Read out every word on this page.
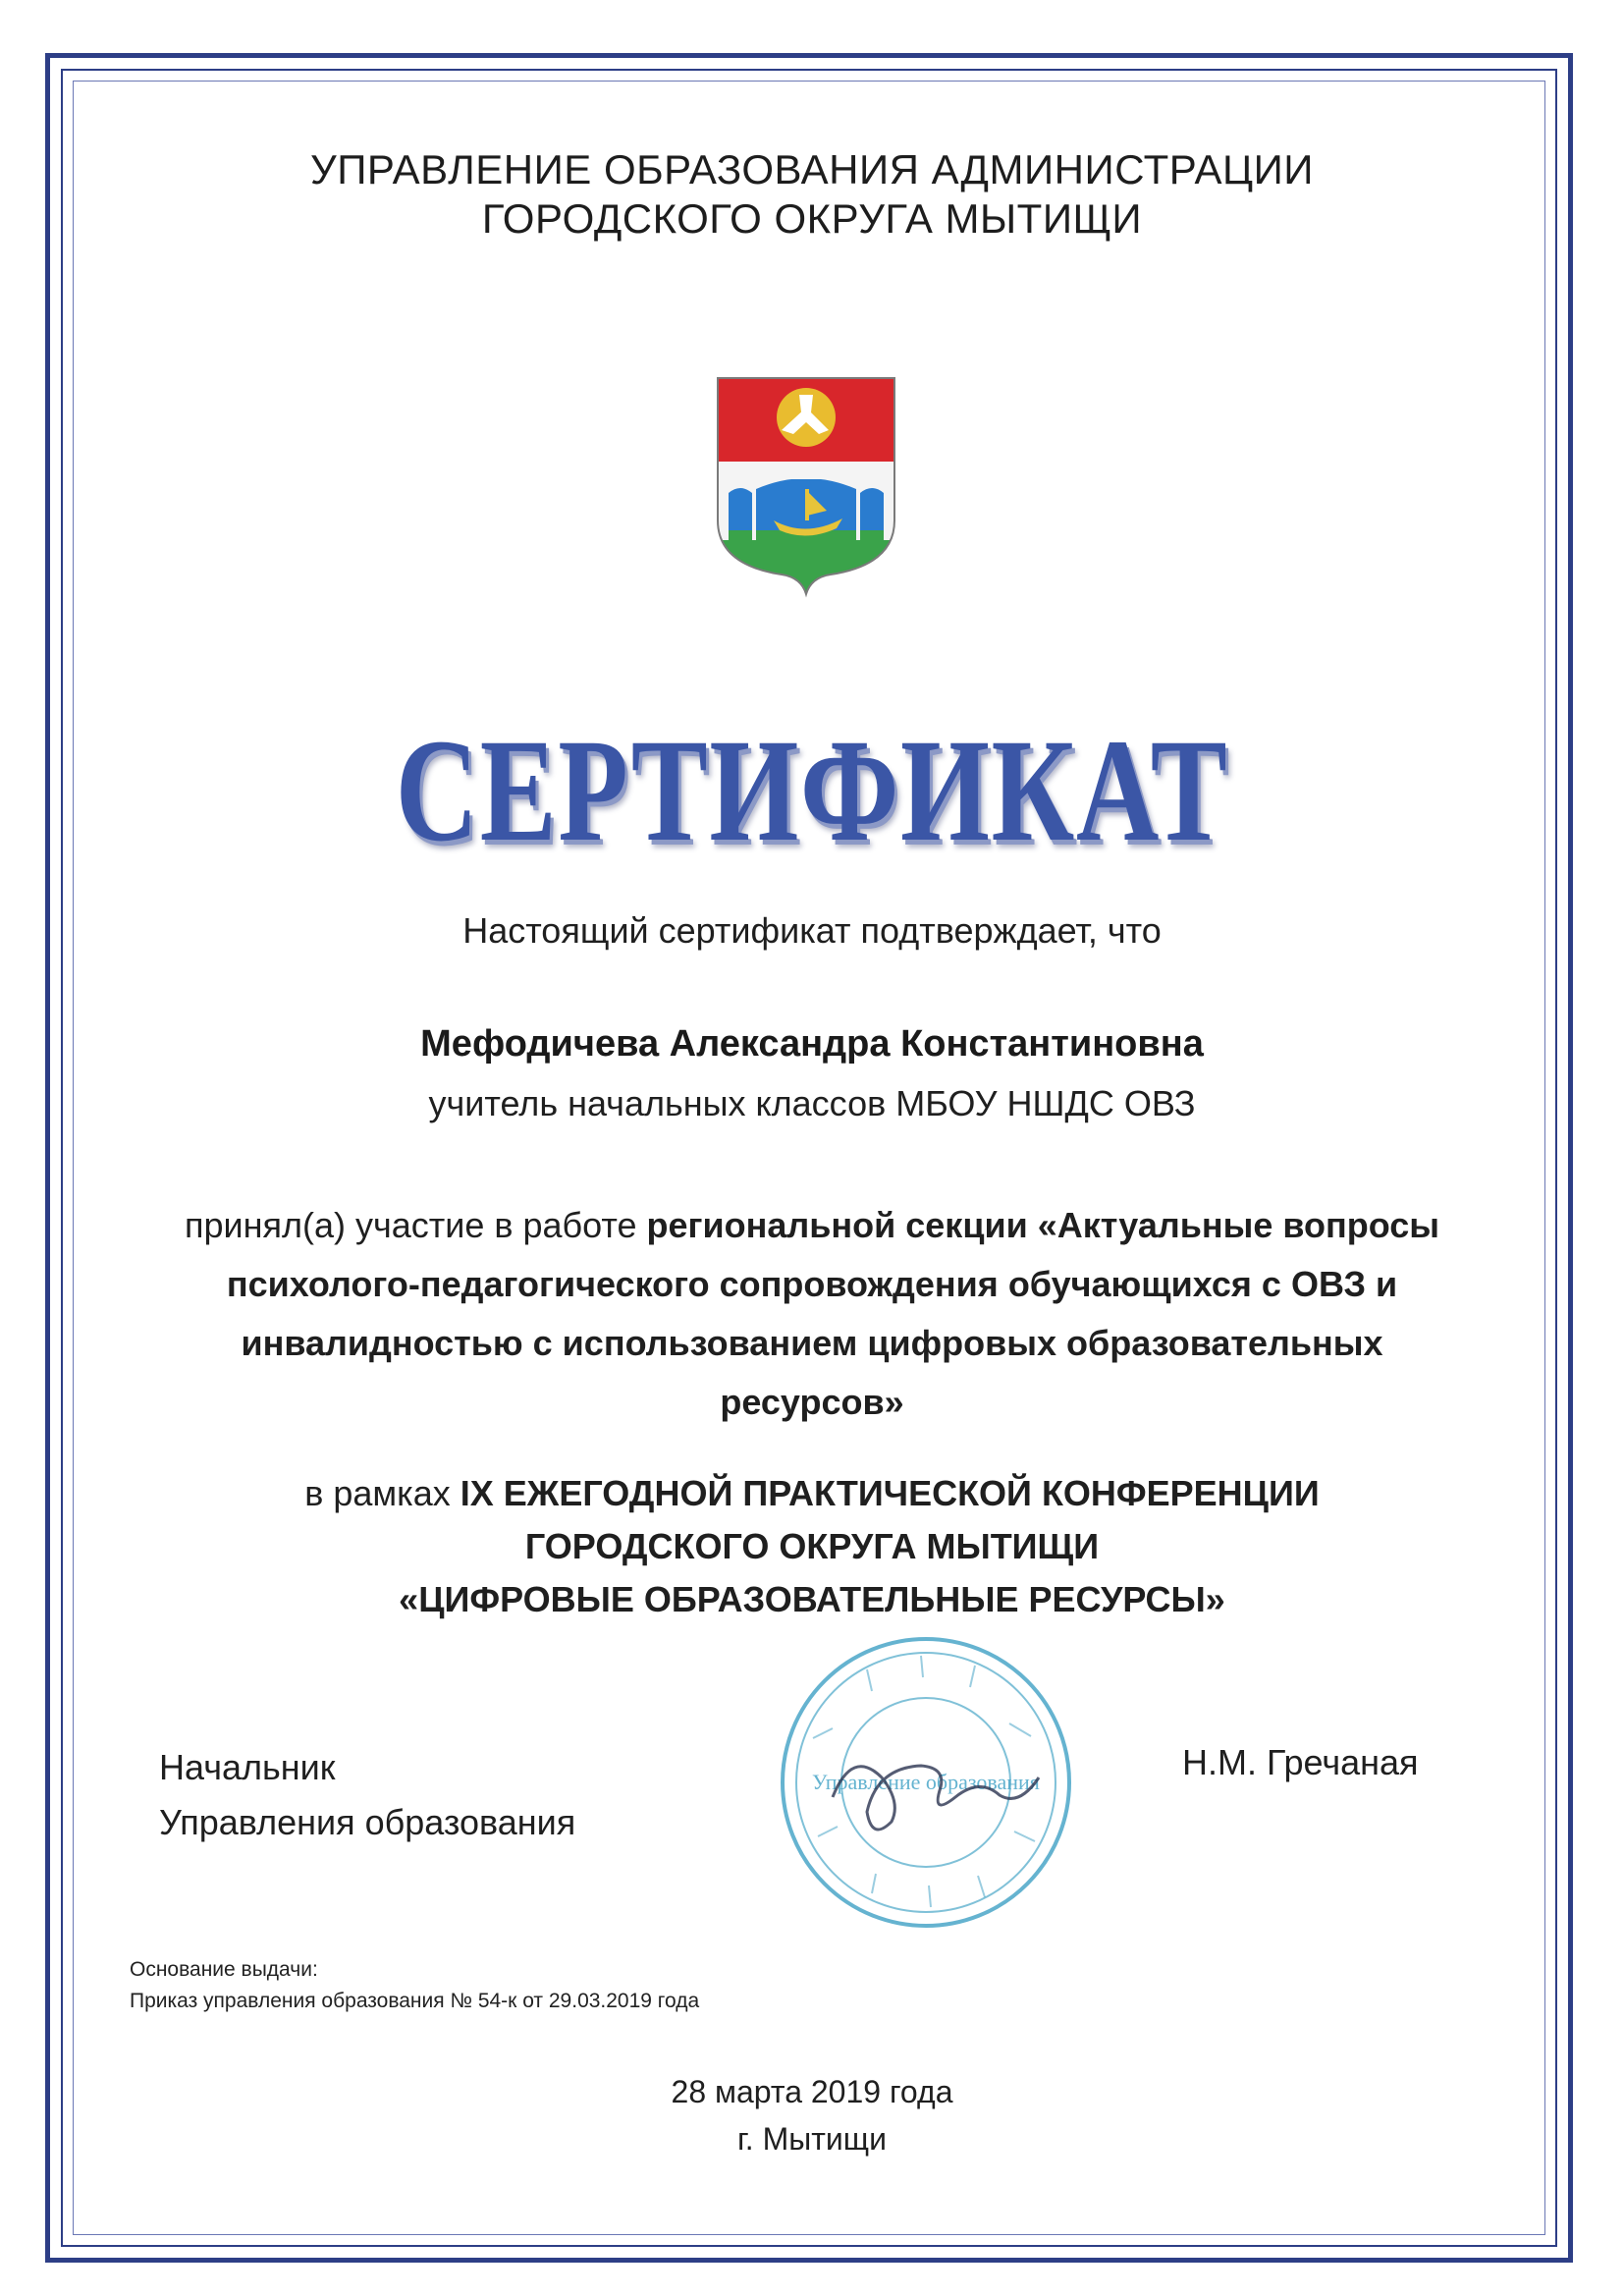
УПРАВЛЕНИЕ ОБРАЗОВАНИЯ АДМИНИСТРАЦИИ
ГОРОДСКОГО ОКРУГА МЫТИЩИ
СЕРТИФИКАТ
Настоящий сертификат подтверждает, что
Мефодичева Александра Константиновна
учитель начальных классов МБОУ НШДС ОВЗ
принял(а) участие в работе региональной секции «Актуальные вопросы психолого-педагогического сопровождения обучающихся с ОВЗ и инвалидностью с использованием цифровых образовательных ресурсов»
в рамках IX ЕЖЕГОДНОЙ ПРАКТИЧЕСКОЙ КОНФЕРЕНЦИИ
ГОРОДСКОГО ОКРУГА МЫТИЩИ
«ЦИФРОВЫЕ ОБРАЗОВАТЕЛЬНЫЕ РЕСУРСЫ»
Начальник
Управления образования
Управление образования	Н.М. Гречаная
Основание выдачи:
Приказ управления образования № 54-к от 29.03.2019 года
28 марта 2019 года
г. Мытищи
